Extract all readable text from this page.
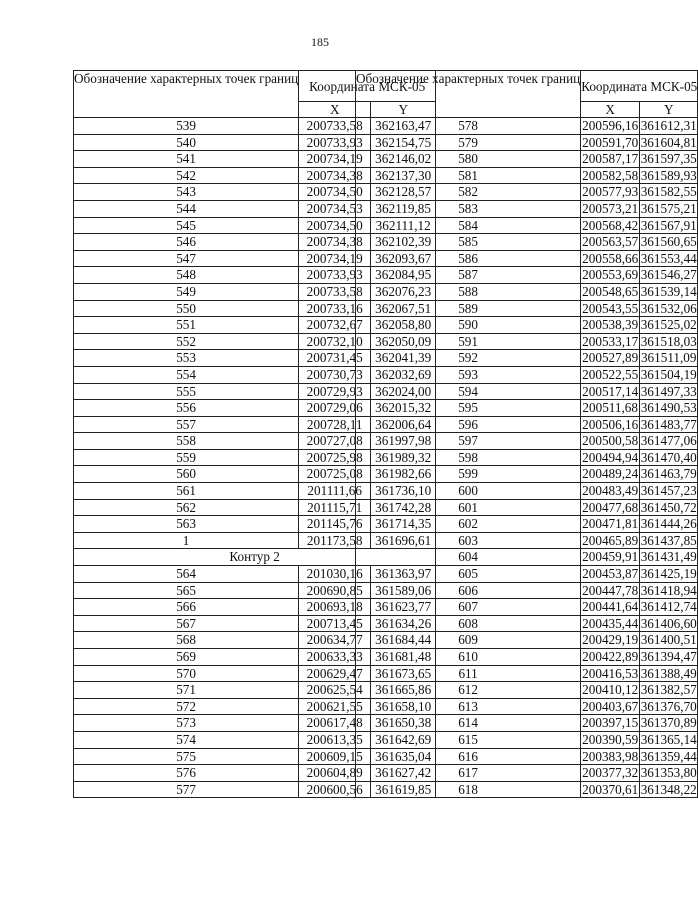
185
Обозначение характерных точек границ	Координата МСК-05	
	X	Y
539	200733,58	362163,47
540	200733,93	362154,75
541	200734,19	362146,02
542	200734,38	362137,30
543	200734,50	362128,57
544	200734,53	362119,85
545	200734,50	362111,12
546	200734,38	362102,39
547	200734,19	362093,67
548	200733,93	362084,95
549	200733,58	362076,23
550	200733,16	362067,51
551	200732,67	362058,80
552	200732,10	362050,09
553	200731,45	362041,39
554	200730,73	362032,69
555	200729,93	362024,00
556	200729,06	362015,32
557	200728,11	362006,64
558	200727,08	361997,98
559	200725,98	361989,32
560	200725,08	361982,66
561	201111,66	361736,10
562	201115,71	361742,28
563	201145,76	361714,35
1	201173,58	361696,61
Контур 2		
564	201030,16	361363,97
565	200690,85	361589,06
566	200693,18	361623,77
567	200713,45	361634,26
568	200634,77	361684,44
569	200633,33	361681,48
570	200629,47	361673,65
571	200625,54	361665,86
572	200621,55	361658,10
573	200617,48	361650,38
574	200613,35	361642,69
575	200609,15	361635,04
576	200604,89	361627,42
577	200600,56	361619,85
Обозначение характерных точек границ	Координата МСК-05	
	X	Y
578	200596,16	361612,31
579	200591,70	361604,81
580	200587,17	361597,35
581	200582,58	361589,93
582	200577,93	361582,55
583	200573,21	361575,21
584	200568,42	361567,91
585	200563,57	361560,65
586	200558,66	361553,44
587	200553,69	361546,27
588	200548,65	361539,14
589	200543,55	361532,06
590	200538,39	361525,02
591	200533,17	361518,03
592	200527,89	361511,09
593	200522,55	361504,19
594	200517,14	361497,33
595	200511,68	361490,53
596	200506,16	361483,77
597	200500,58	361477,06
598	200494,94	361470,40
599	200489,24	361463,79
600	200483,49	361457,23
601	200477,68	361450,72
602	200471,81	361444,26
603	200465,89	361437,85
604	200459,91	361431,49
605	200453,87	361425,19
606	200447,78	361418,94
607	200441,64	361412,74
608	200435,44	361406,60
609	200429,19	361400,51
610	200422,89	361394,47
611	200416,53	361388,49
612	200410,12	361382,57
613	200403,67	361376,70
614	200397,15	361370,89
615	200390,59	361365,14
616	200383,98	361359,44
617	200377,32	361353,80
618	200370,61	361348,22
